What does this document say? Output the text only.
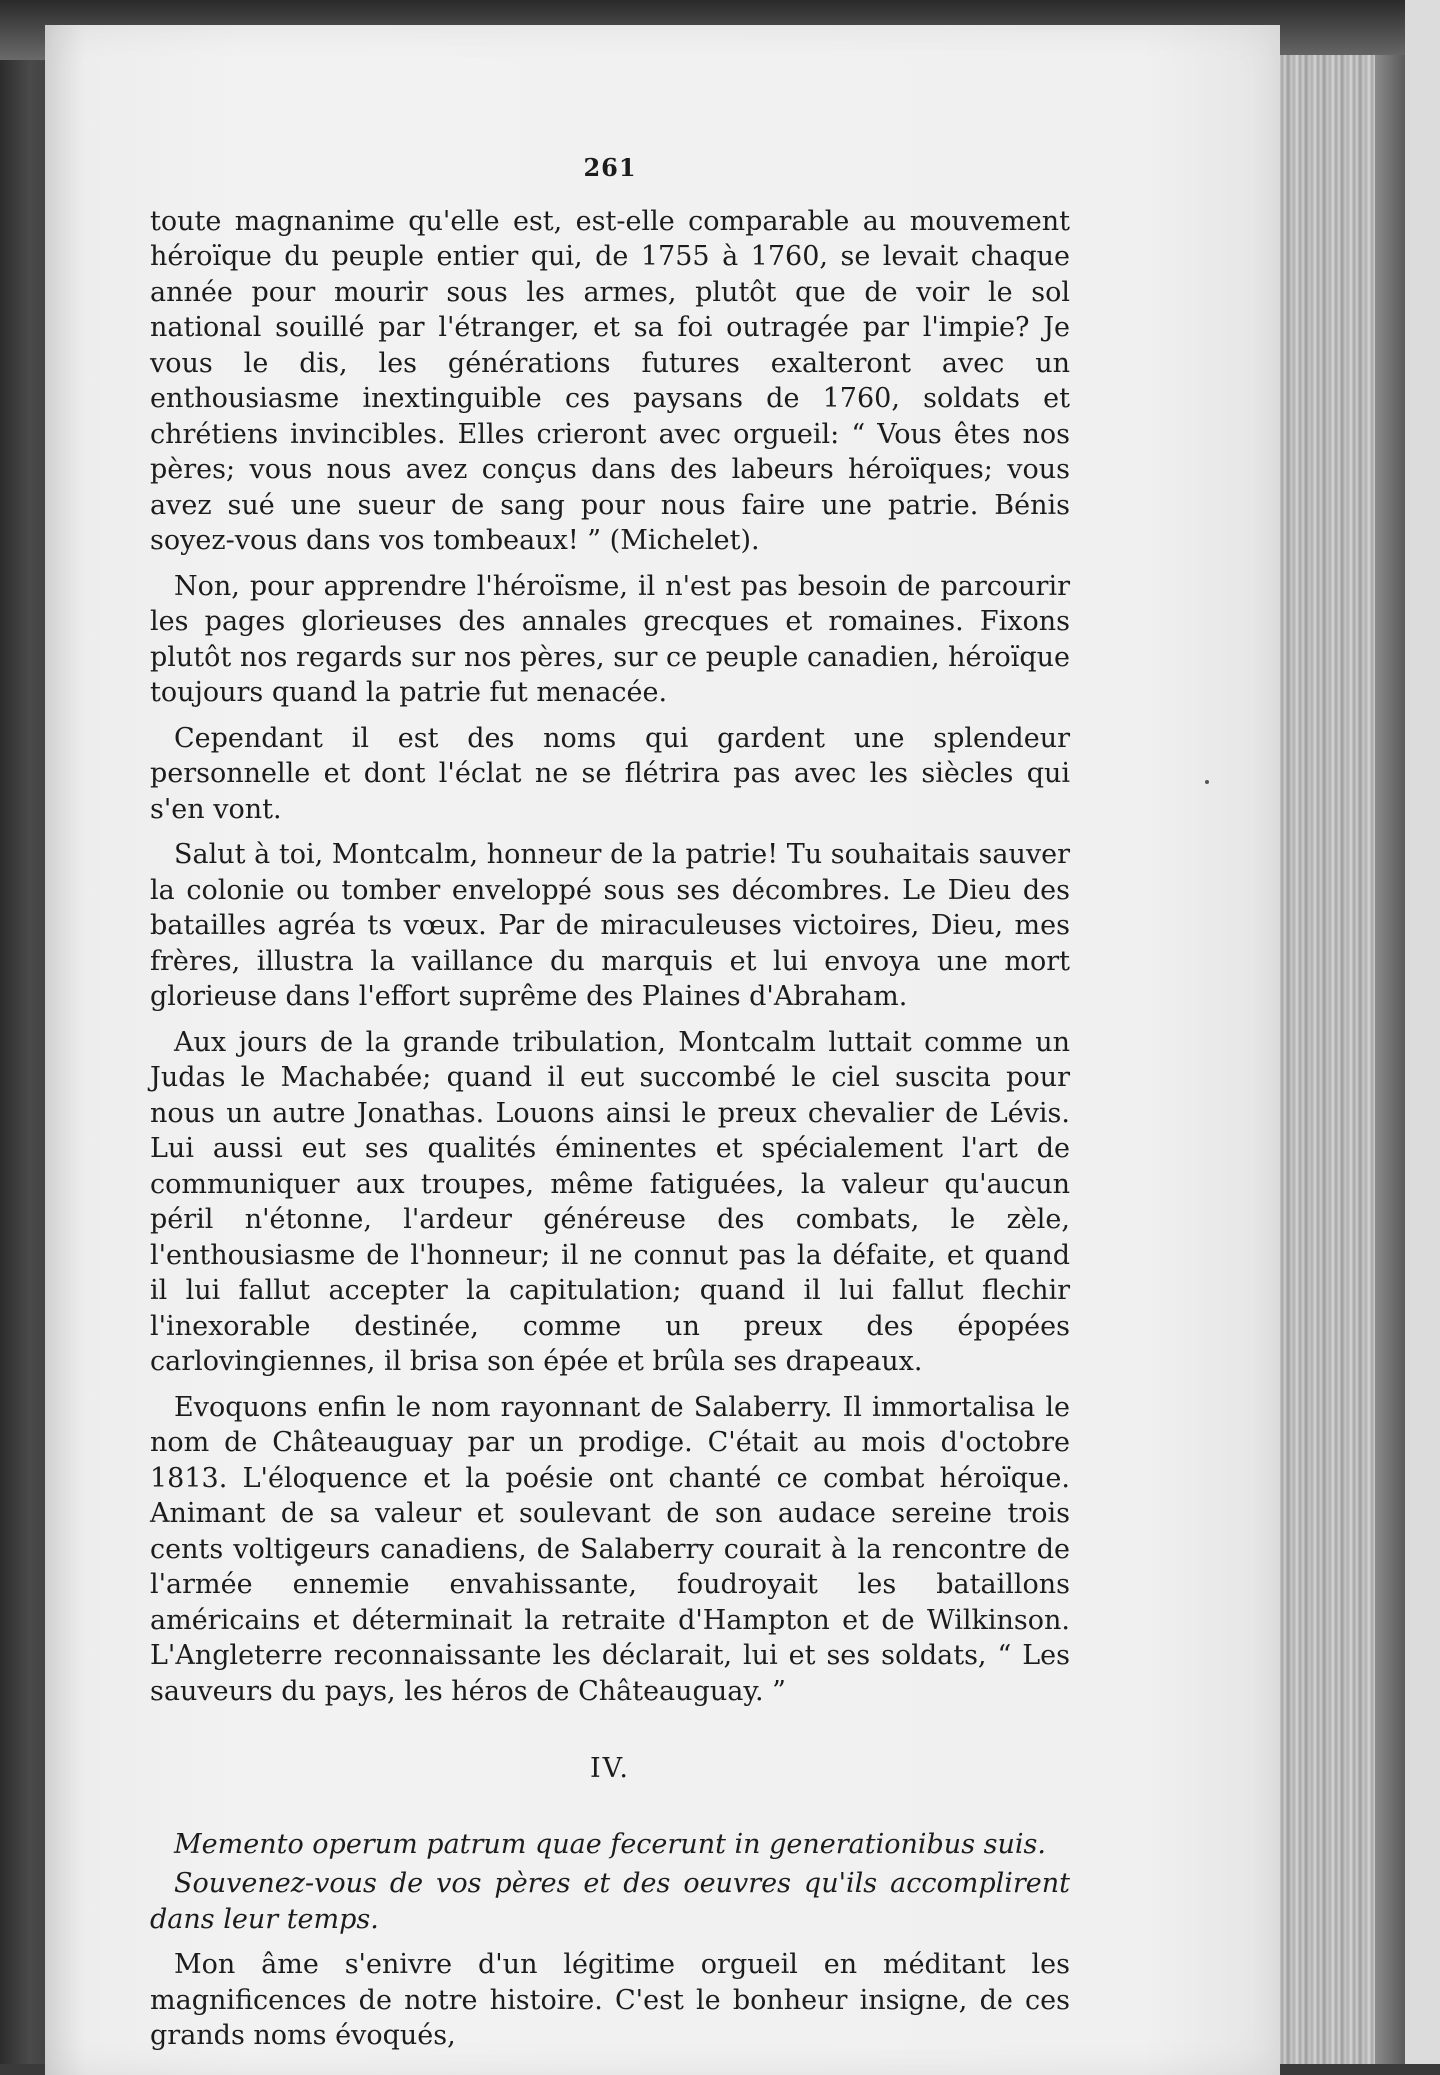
261

toute magnanime qu'elle est, est-elle comparable au mouvement héroïque du peuple entier qui, de 1755 à 1760, se levait chaque année pour mourir sous les armes, plutôt que de voir le sol national souillé par l'étranger, et sa foi outragée par l'impie? Je vous le dis, les générations futures exalteront avec un enthousiasme inextinguible ces paysans de 1760, soldats et chrétiens invincibles. Elles crieront avec orgueil: “ Vous êtes nos pères; vous nous avez conçus dans des labeurs héroïques; vous avez sué une sueur de sang pour nous faire une patrie. Bénis soyez-vous dans vos tombeaux! ” (Michelet).

Non, pour apprendre l'héroïsme, il n'est pas besoin de parcourir les pages glorieuses des annales grecques et romaines. Fixons plutôt nos regards sur nos pères, sur ce peuple canadien, héroïque toujours quand la patrie fut menacée.

Cependant il est des noms qui gardent une splendeur personnelle et dont l'éclat ne se flétrira pas avec les siècles qui s'en vont.

Salut à toi, Montcalm, honneur de la patrie! Tu souhaitais sauver la colonie ou tomber enveloppé sous ses décombres. Le Dieu des batailles agréa ts vœux. Par de miraculeuses victoires, Dieu, mes frères, illustra la vaillance du marquis et lui envoya une mort glorieuse dans l'effort suprême des Plaines d'Abraham.

Aux jours de la grande tribulation, Montcalm luttait comme un Judas le Machabée; quand il eut succombé le ciel suscita pour nous un autre Jonathas. Louons ainsi le preux chevalier de Lévis. Lui aussi eut ses qualités éminentes et spécialement l'art de communiquer aux troupes, même fatiguées, la valeur qu'aucun péril n'étonne, l'ardeur généreuse des combats, le zèle, l'enthousiasme de l'honneur; il ne connut pas la défaite, et quand il lui fallut accepter la capitulation; quand il lui fallut flechir l'inexorable destinée, comme un preux des épopées carlovingiennes, il brisa son épée et brûla ses drapeaux.

Evoquons enfin le nom rayonnant de Salaberry. Il immortalisa le nom de Châteauguay par un prodige. C'était au mois d'octobre 1813. L'éloquence et la poésie ont chanté ce combat héroïque. Animant de sa valeur et soulevant de son audace sereine trois cents voltigeurs canadiens, de Salaberry courait à la rencontre de l'armée ennemie envahissante, foudroyait les bataillons américains et déterminait la retraite d'Hampton et de Wilkinson. L'Angleterre reconnaissante les déclarait, lui et ses soldats, “ Les sauveurs du pays, les héros de Châteauguay. ”

IV.

Memento operum patrum quae fecerunt in generationibus suis.

Souvenez-vous de vos pères et des oeuvres qu'ils accomplirent dans leur temps.

Mon âme s'enivre d'un légitime orgueil en méditant les magnificences de notre histoire. C'est le bonheur insigne, de ces grands noms évoqués,
